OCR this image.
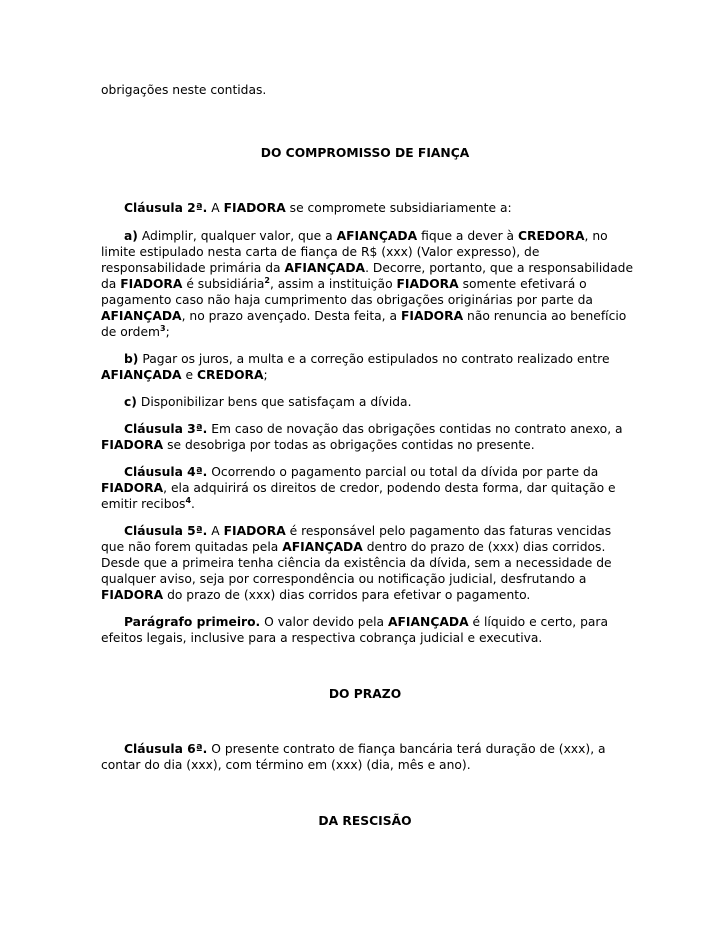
obrigações neste contidas.
DO COMPROMISSO DE FIANÇA
Cláusula 2ª. A FIADORA se compromete subsidiariamente a:
a) Adimplir, qualquer valor, que a AFIANÇADA fique a dever à CREDORA, no
limite estipulado nesta carta de fiança de R$ (xxx) (Valor expresso), de
responsabilidade primária da AFIANÇADA. Decorre, portanto, que a responsabilidade
da FIADORA é subsidiária$^2$, assim a instituição FIADORA somente efetivará o
pagamento caso não haja cumprimento das obrigações originárias por parte da
AFIANÇADA, no prazo avençado. Desta feita, a FIADORA não renuncia ao benefício
de ordem$^3$;
b) Pagar os juros, a multa e a correção estipulados no contrato realizado entre
AFIANÇADA e CREDORA;
c) Disponibilizar bens que satisfaçam a dívida.
Cláusula 3ª. Em caso de novação das obrigações contidas no contrato anexo, a
FIADORA se desobriga por todas as obrigações contidas no presente.
Cláusula 4ª. Ocorrendo o pagamento parcial ou total da dívida por parte da
FIADORA, ela adquirirá os direitos de credor, podendo desta forma, dar quitação e
emitir recibos$^4$.
Cláusula 5ª. A FIADORA é responsável pelo pagamento das faturas vencidas
que não forem quitadas pela AFIANÇADA dentro do prazo de (xxx) dias corridos.
Desde que a primeira tenha ciência da existência da dívida, sem a necessidade de
qualquer aviso, seja por correspondência ou notificação judicial, desfrutando a
FIADORA do prazo de (xxx) dias corridos para efetivar o pagamento.
Parágrafo primeiro. O valor devido pela AFIANÇADA é líquido e certo, para
efeitos legais, inclusive para a respectiva cobrança judicial e executiva.
DO PRAZO
Cláusula 6ª. O presente contrato de fiança bancária terá duração de (xxx), a
contar do dia (xxx), com término em (xxx) (dia, mês e ano).
DA RESCISÃO
